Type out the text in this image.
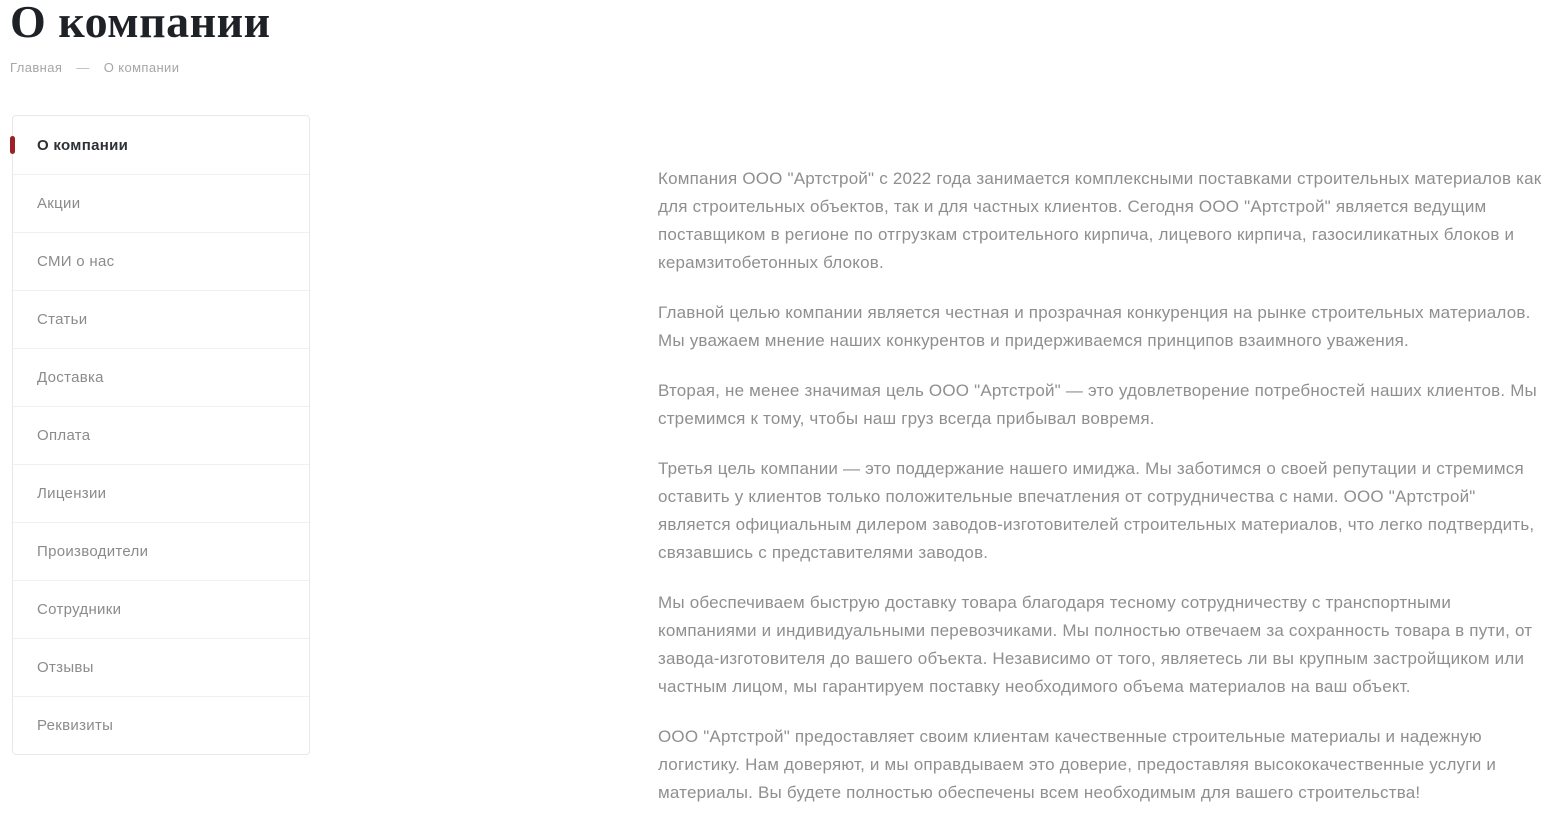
О компании
Главная — О компании
О компании
Акции
СМИ о нас
Статьи
Доставка
Оплата
Лицензии
Производители
Сотрудники
Отзывы
Реквизиты

Компания ООО "Артстрой" с 2022 года занимается комплексными поставками строительных материалов как для строительных объектов, так и для частных клиентов. Сегодня ООО "Артстрой" является ведущим поставщиком в регионе по отгрузкам строительного кирпича, лицевого кирпича, газосиликатных блоков и керамзитобетонных блоков.

Главной целью компании является честная и прозрачная конкуренция на рынке строительных материалов. Мы уважаем мнение наших конкурентов и придерживаемся принципов взаимного уважения.

Вторая, не менее значимая цель ООО "Артстрой" — это удовлетворение потребностей наших клиентов. Мы стремимся к тому, чтобы наш груз всегда прибывал вовремя.

Третья цель компании — это поддержание нашего имиджа. Мы заботимся о своей репутации и стремимся оставить у клиентов только положительные впечатления от сотрудничества с нами. ООО "Артстрой" является официальным дилером заводов-изготовителей строительных материалов, что легко подтвердить, связавшись с представителями заводов.

Мы обеспечиваем быструю доставку товара благодаря тесному сотрудничеству с транспортными компаниями и индивидуальными перевозчиками. Мы полностью отвечаем за сохранность товара в пути, от завода-изготовителя до вашего объекта. Независимо от того, являетесь ли вы крупным застройщиком или частным лицом, мы гарантируем поставку необходимого объема материалов на ваш объект.

ООО "Артстрой" предоставляет своим клиентам качественные строительные материалы и надежную логистику. Нам доверяют, и мы оправдываем это доверие, предоставляя высококачественные услуги и материалы. Вы будете полностью обеспечены всем необходимым для вашего строительства!
